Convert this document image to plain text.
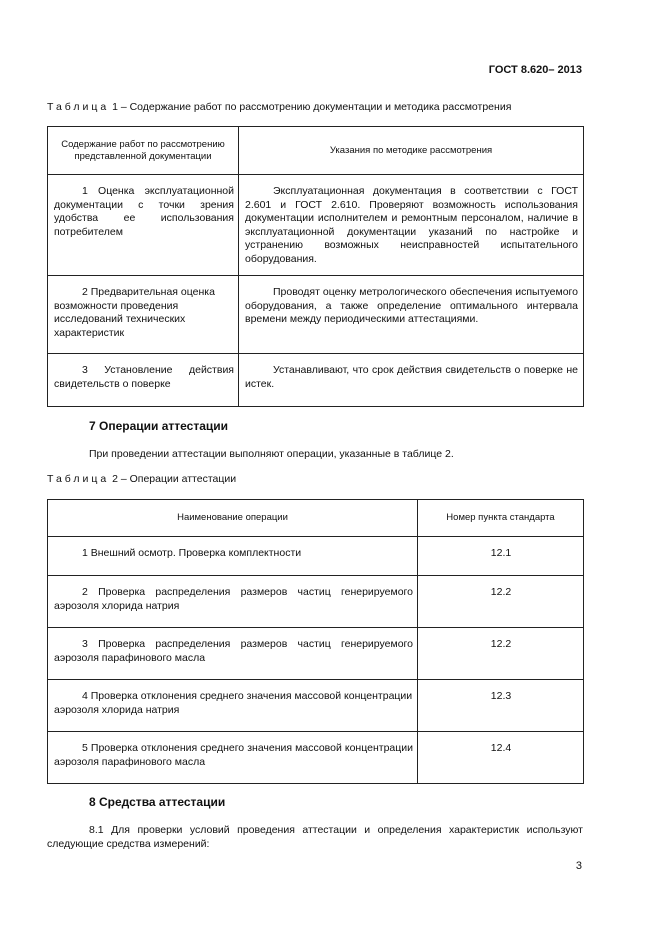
ГОСТ 8.620– 2013
Таблица 1 – Содержание работ по рассмотрению документации и методика рассмотрения
Содержание работ по рассмотрению представленной документации	Указания по методике рассмотрения

1 Оценка эксплуатационной документации с точки зрения удобства ее использования потребителем	Эксплуатационная документация в соответствии с ГОСТ 2.601 и ГОСТ 2.610. Проверяют возможность использования документации исполнителем и ремонтным персоналом, наличие в эксплуатационной документации указаний по настройке и устранению возможных неисправностей испытательного оборудования.

2 Предварительная оценка возможности проведения исследований технических характеристик	Проводят оценку метрологического обеспечения испытуемого оборудования, а также определение оптимального интервала времени между периодическими аттестациями.

3 Установление действия свидетельств о поверке	Устанавливают, что срок действия свидетельств о поверке не истек.
7 Операции аттестации
При проведении аттестации выполняют операции, указанные в таблице 2.
Таблица 2 – Операции аттестации
Наименование операции	Номер пункта стандарта

1 Внешний осмотр. Проверка комплектности	12.1

2 Проверка распределения размеров частиц генерируемого аэрозоля хлорида натрия	12.2

3 Проверка распределения размеров частиц генерируемого аэрозоля парафинового масла	12.2

4 Проверка отклонения среднего значения массовой концентрации аэрозоля хлорида натрия	12.3

5 Проверка отклонения среднего значения массовой концентрации аэрозоля парафинового масла	12.4
8 Средства аттестации
8.1 Для проверки условий проведения аттестации и определения характеристик используют следующие средства измерений:
3
